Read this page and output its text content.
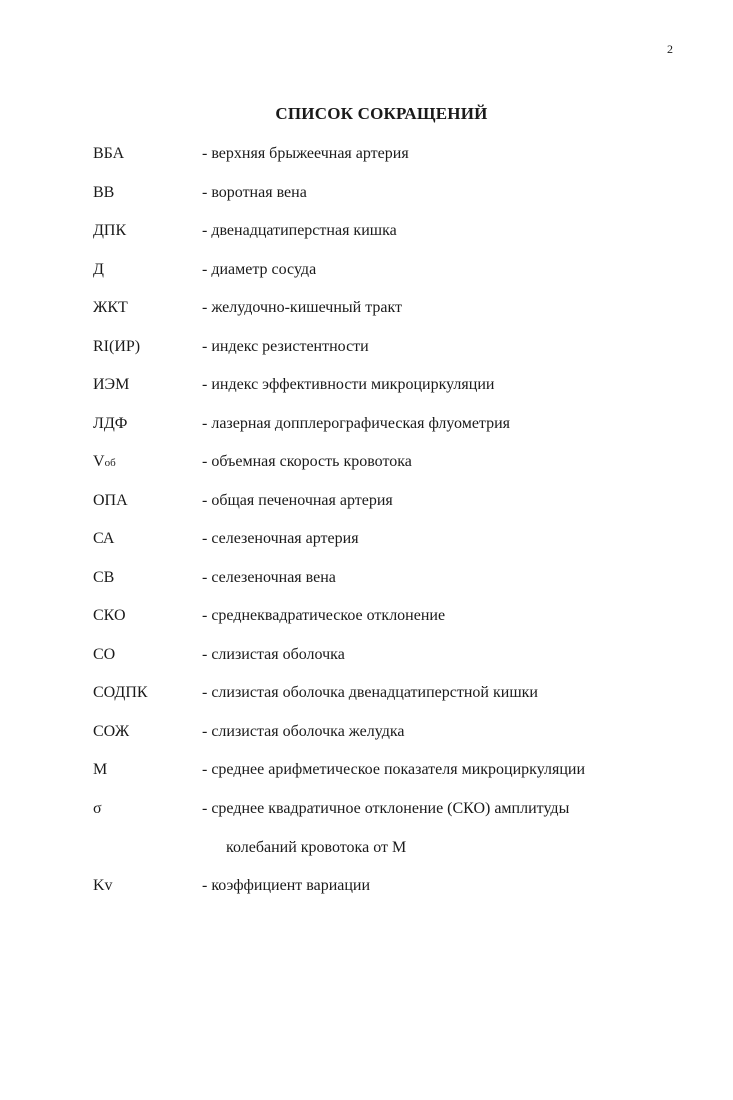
2
СПИСОК СОКРАЩЕНИЙ
ВБА	- верхняя брыжеечная артерия
ВВ	- воротная вена
ДПК	- двенадцатиперстная кишка
Д	- диаметр сосуда
ЖКТ	- желудочно-кишечный тракт
RI(ИР)	- индекс резистентности
ИЭМ	- индекс эффективности микроциркуляции
ЛДФ	- лазерная допплерографическая флуометрия
Vоб	- объемная скорость кровотока
ОПА	- общая печеночная артерия
СА	- селезеночная артерия
СВ	- селезеночная вена
СКО	- среднеквадратическое отклонение
СО	- слизистая оболочка
СОДПК	- слизистая оболочка двенадцатиперстной кишки
СОЖ	- слизистая оболочка желудка
М	- среднее арифметическое показателя микроциркуляции
σ	- среднее квадратичное отклонение (СКО) амплитуды
колебаний кровотока от М
Kv	- коэффициент вариации
